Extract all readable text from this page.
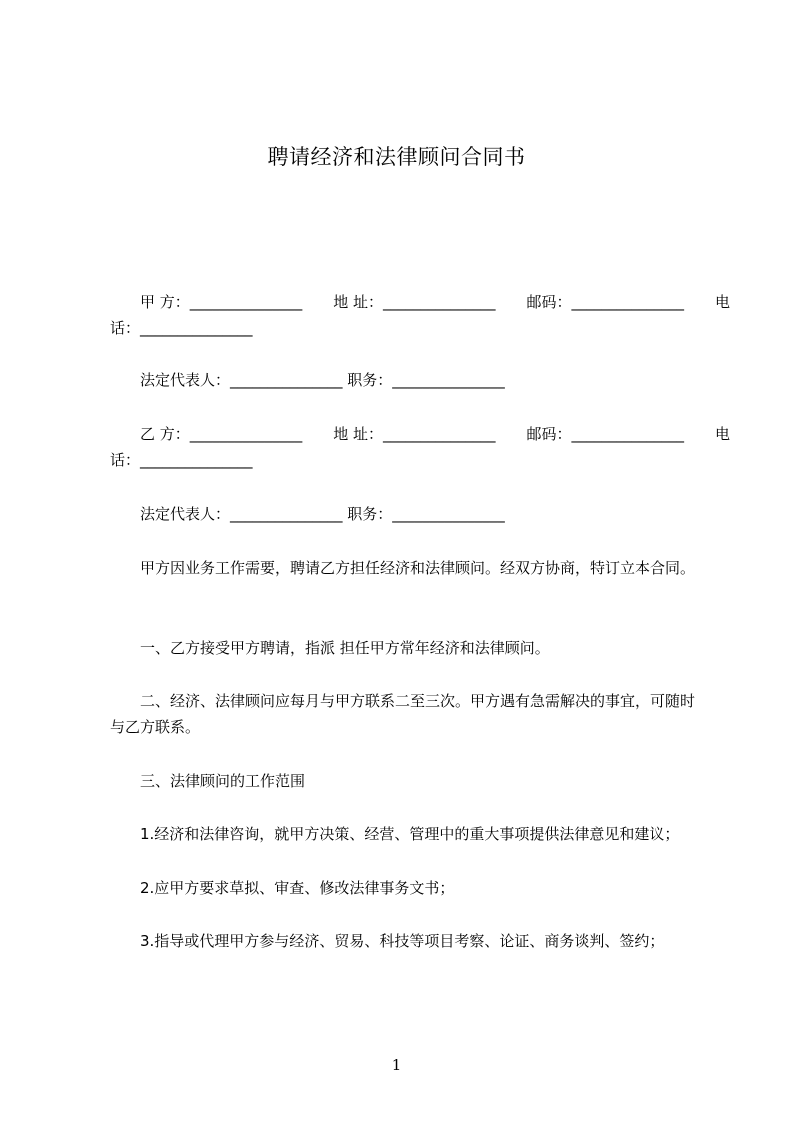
聘请经济和法律顾问合同书
甲 方：_______________ 地 址：_______________ 邮码：_______________ 电
话：_______________
法定代表人：_______________ 职务：_______________
乙 方：_______________ 地 址：_______________ 邮码：_______________ 电
话：_______________
法定代表人：_______________ 职务：_______________
甲方因业务工作需要，聘请乙方担任经济和法律顾问。经双方协商，特订立本合同。
一、乙方接受甲方聘请，指派 担任甲方常年经济和法律顾问。
二、经济、法律顾问应每月与甲方联系二至三次。甲方遇有急需解决的事宜，可随时与乙方联系。
三、法律顾问的工作范围
1.经济和法律咨询，就甲方决策、经营、管理中的重大事项提供法律意见和建议；
2.应甲方要求草拟、审查、修改法律事务文书；
3.指导或代理甲方参与经济、贸易、科技等项目考察、论证、商务谈判、签约；
1
